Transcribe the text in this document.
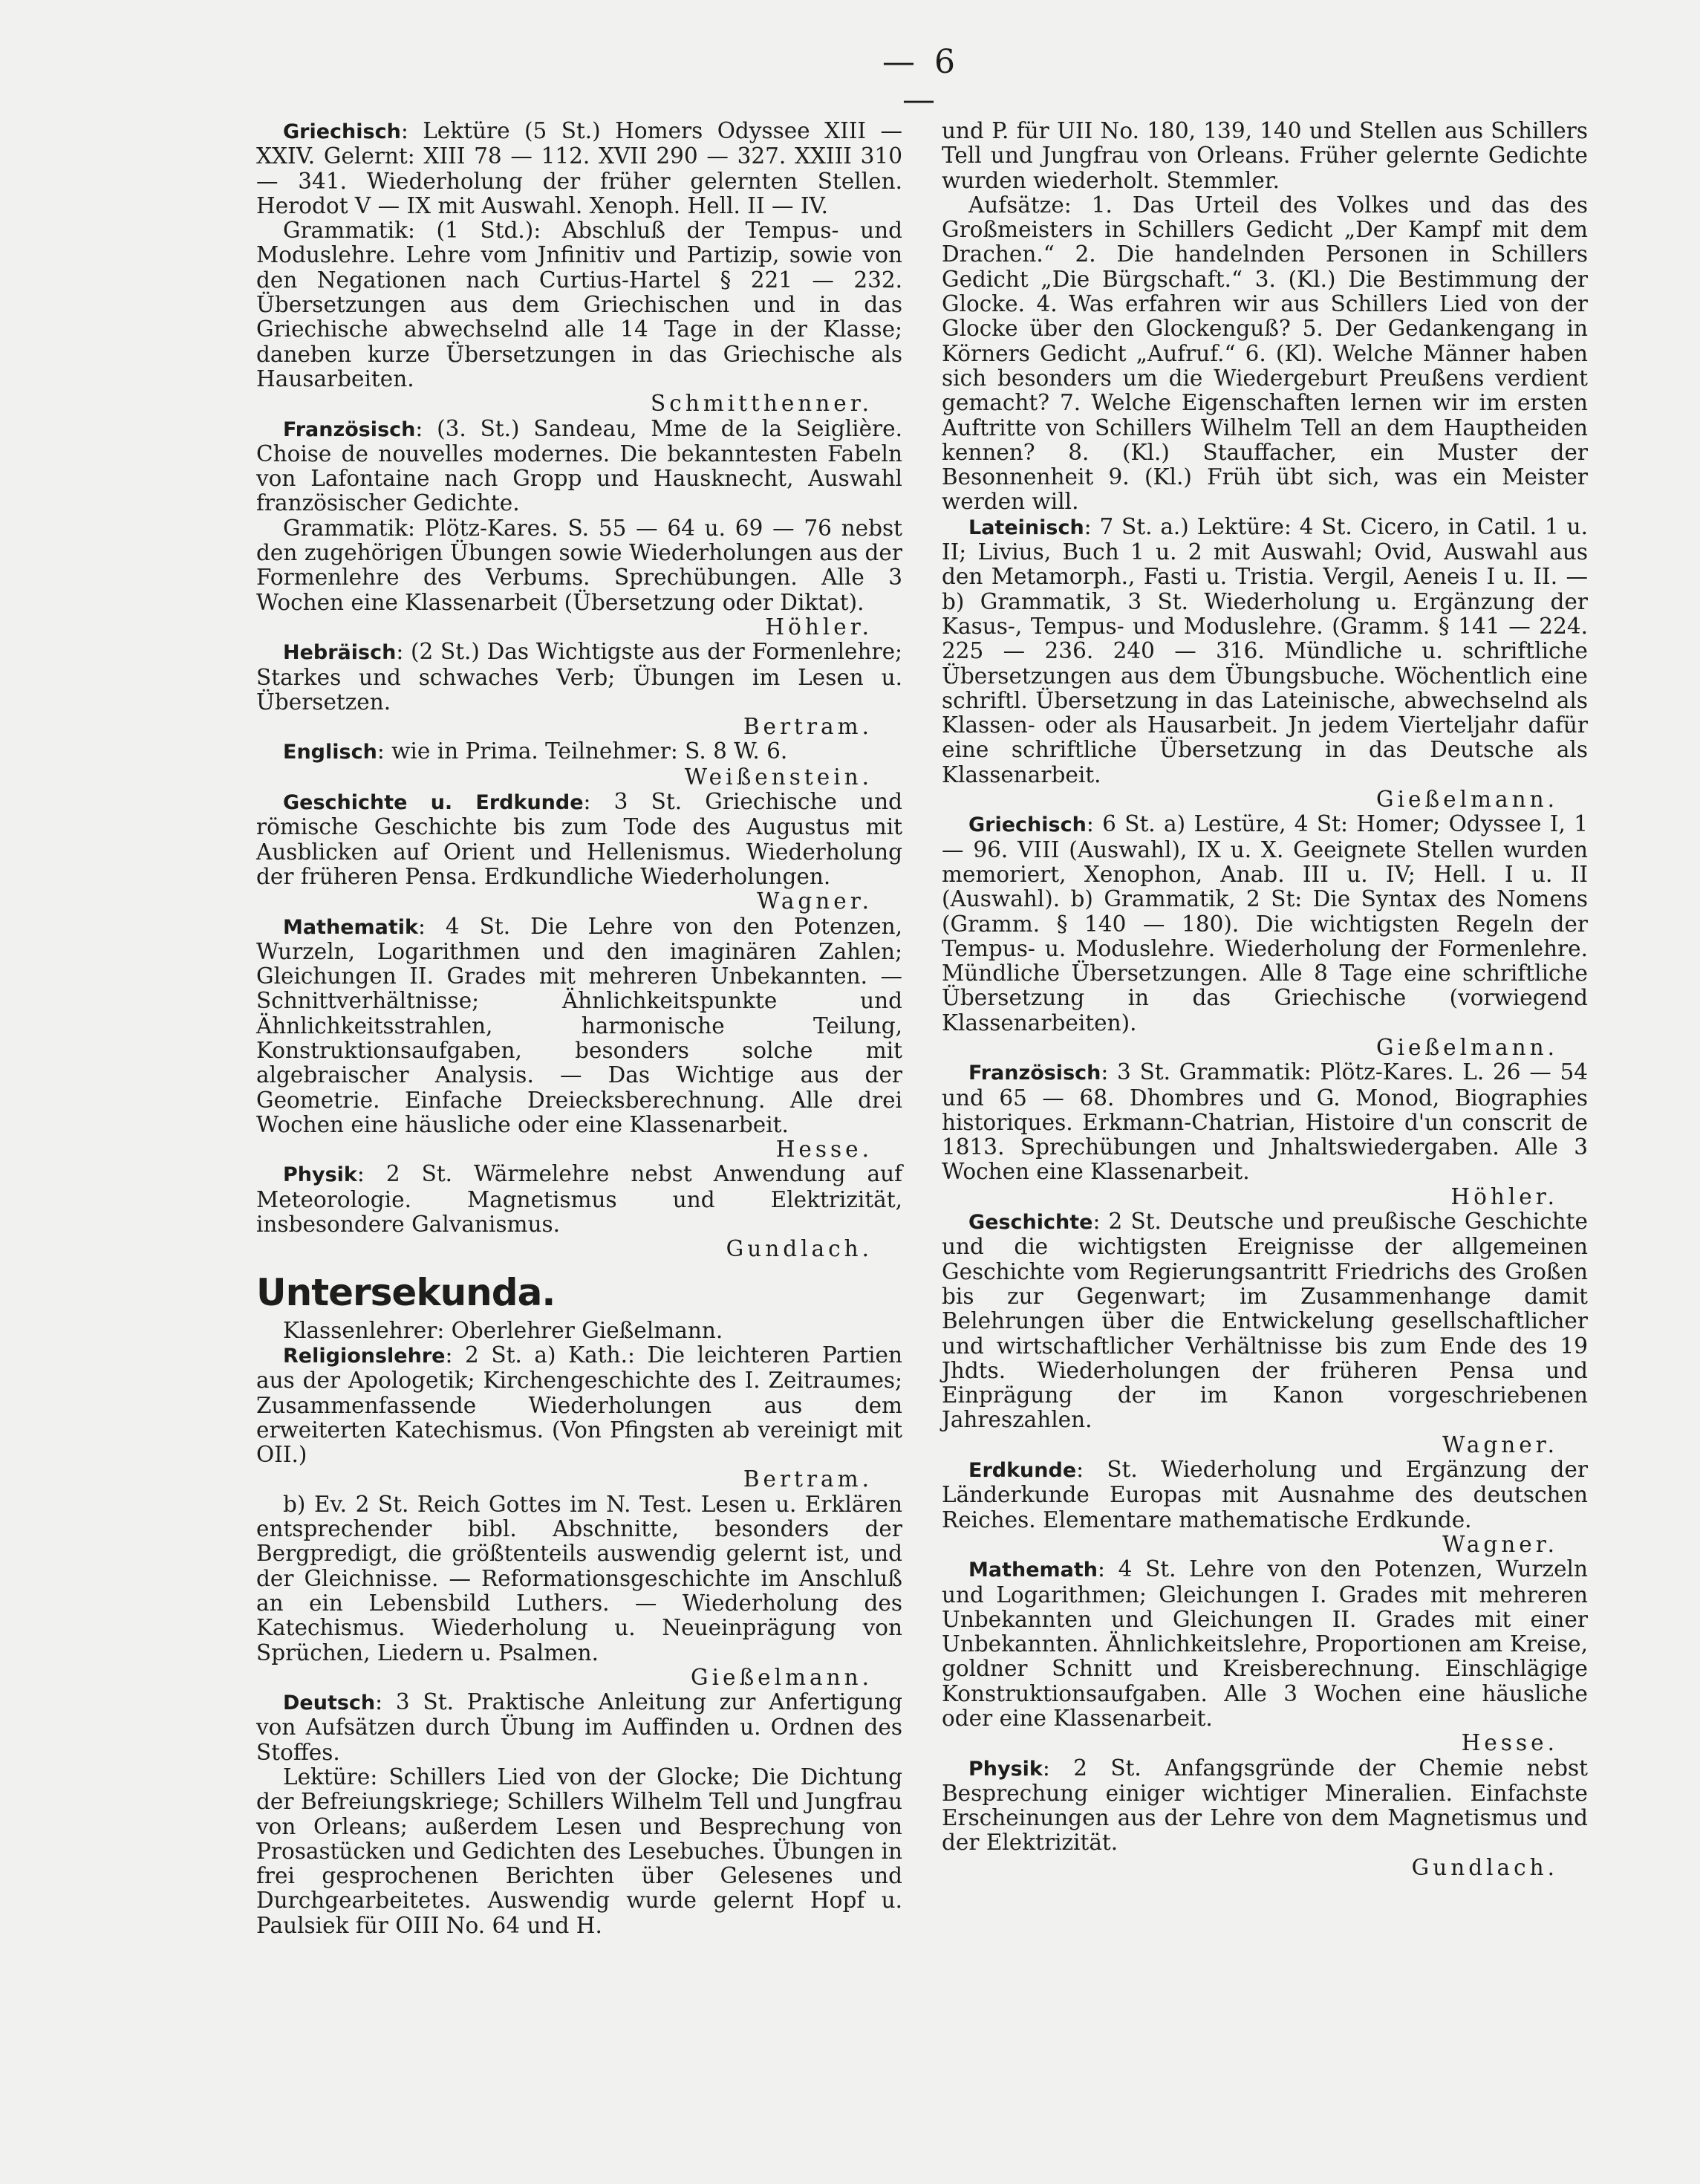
— 6 —

Griechisch: Lektüre (5 St.) Homers Odyssee XIII — XXIV. Gelernt: XIII 78 — 112. XVII 290 — 327. XXIII 310 — 341. Wiederholung der früher gelernten Stellen. Herodot V — IX mit Auswahl. Xenoph. Hell. II — IV.

Grammatik: (1 Std.): Abschluß der Tempus- und Moduslehre. Lehre vom Jnfinitiv und Partizip, sowie von den Negationen nach Curtius-Hartel § 221 — 232. Übersetzungen aus dem Griechischen und in das Griechische abwechselnd alle 14 Tage in der Klasse; daneben kurze Übersetzungen in das Griechische als Hausarbeiten.

Schmitthenner.

Französisch: (3. St.) Sandeau, Mme de la Seiglière. Choise de nouvelles modernes. Die bekanntesten Fabeln von Lafontaine nach Gropp und Hausknecht, Auswahl französischer Gedichte.

Grammatik: Plötz-Kares. S. 55 — 64 u. 69 — 76 nebst den zugehörigen Übungen sowie Wiederholungen aus der Formenlehre des Verbums. Sprechübungen. Alle 3 Wochen eine Klassenarbeit (Übersetzung oder Diktat).

Höhler.

Hebräisch: (2 St.) Das Wichtigste aus der Formenlehre; Starkes und schwaches Verb; Übungen im Lesen u. Übersetzen.

Bertram.

Englisch: wie in Prima. Teilnehmer: S. 8 W. 6.

Weißenstein.

Geschichte u. Erdkunde: 3 St. Griechische und römische Geschichte bis zum Tode des Augustus mit Ausblicken auf Orient und Hellenismus. Wiederholung der früheren Pensa. Erdkundliche Wiederholungen.

Wagner.

Mathematik: 4 St. Die Lehre von den Potenzen, Wurzeln, Logarithmen und den imaginären Zahlen; Gleichungen II. Grades mit mehreren Unbekannten. — Schnittverhältnisse; Ähnlichkeitspunkte und Ähnlichkeitsstrahlen, harmonische Teilung, Konstruktionsaufgaben, besonders solche mit algebraischer Analysis. — Das Wichtige aus der Geometrie. Einfache Dreiecksberechnung. Alle drei Wochen eine häusliche oder eine Klassenarbeit.

Hesse.

Physik: 2 St. Wärmelehre nebst Anwendung auf Meteorologie. Magnetismus und Elektrizität, insbesondere Galvanismus.

Gundlach.

Untersekunda.

Klassenlehrer: Oberlehrer Gießelmann.

Religionslehre: 2 St. a) Kath.: Die leichteren Partien aus der Apologetik; Kirchengeschichte des I. Zeitraumes; Zusammenfassende Wiederholungen aus dem erweiterten Katechismus. (Von Pfingsten ab vereinigt mit OII.)

Bertram.

b) Ev. 2 St. Reich Gottes im N. Test. Lesen u. Erklären entsprechender bibl. Abschnitte, besonders der Bergpredigt, die größtenteils auswendig gelernt ist, und der Gleichnisse. — Reformationsgeschichte im Anschluß an ein Lebensbild Luthers. — Wiederholung des Katechismus. Wiederholung u. Neueinprägung von Sprüchen, Liedern u. Psalmen.

Gießelmann.

Deutsch: 3 St. Praktische Anleitung zur Anfertigung von Aufsätzen durch Übung im Auffinden u. Ordnen des Stoffes.

Lektüre: Schillers Lied von der Glocke; Die Dichtung der Befreiungskriege; Schillers Wilhelm Tell und Jungfrau von Orleans; außerdem Lesen und Besprechung von Prosastücken und Gedichten des Lesebuches. Übungen in frei gesprochenen Berichten über Gelesenes und Durchgearbeitetes. Auswendig wurde gelernt Hopf u. Paulsiek für OIII No. 64 und H.

und P. für UII No. 180, 139, 140 und Stellen aus Schillers Tell und Jungfrau von Orleans. Früher gelernte Gedichte wurden wiederholt. Stemmler.

Aufsätze: 1. Das Urteil des Volkes und das des Großmeisters in Schillers Gedicht „Der Kampf mit dem Drachen.“ 2. Die handelnden Personen in Schillers Gedicht „Die Bürgschaft.“ 3. (Kl.) Die Bestimmung der Glocke. 4. Was erfahren wir aus Schillers Lied von der Glocke über den Glockenguß? 5. Der Gedankengang in Körners Gedicht „Aufruf.“ 6. (Kl). Welche Männer haben sich besonders um die Wiedergeburt Preußens verdient gemacht? 7. Welche Eigenschaften lernen wir im ersten Auftritte von Schillers Wilhelm Tell an dem Hauptheiden kennen? 8. (Kl.) Stauffacher, ein Muster der Besonnenheit 9. (Kl.) Früh übt sich, was ein Meister werden will.

Lateinisch: 7 St. a.) Lektüre: 4 St. Cicero, in Catil. 1 u. II; Livius, Buch 1 u. 2 mit Auswahl; Ovid, Auswahl aus den Metamorph., Fasti u. Tristia. Vergil, Aeneis I u. II. — b) Grammatik, 3 St. Wiederholung u. Ergänzung der Kasus-, Tempus- und Moduslehre. (Gramm. § 141 — 224. 225 — 236. 240 — 316. Mündliche u. schriftliche Übersetzungen aus dem Übungsbuche. Wöchentlich eine schriftl. Übersetzung in das Lateinische, abwechselnd als Klassen- oder als Hausarbeit. Jn jedem Vierteljahr dafür eine schriftliche Übersetzung in das Deutsche als Klassenarbeit.

Gießelmann.

Griechisch: 6 St. a) Lestüre, 4 St: Homer; Odyssee I, 1 — 96. VIII (Auswahl), IX u. X. Geeignete Stellen wurden memoriert, Xenophon, Anab. III u. IV; Hell. I u. II (Auswahl). b) Grammatik, 2 St: Die Syntax des Nomens (Gramm. § 140 — 180). Die wichtigsten Regeln der Tempus- u. Moduslehre. Wiederholung der Formenlehre. Mündliche Übersetzungen. Alle 8 Tage eine schriftliche Übersetzung in das Griechische (vorwiegend Klassenarbeiten).

Gießelmann.

Französisch: 3 St. Grammatik: Plötz-Kares. L. 26 — 54 und 65 — 68. Dhombres und G. Monod, Biographies historiques. Erkmann-Chatrian, Histoire d'un conscrit de 1813. Sprechübungen und Jnhaltswiedergaben. Alle 3 Wochen eine Klassenarbeit.

Höhler.

Geschichte: 2 St. Deutsche und preußische Geschichte und die wichtigsten Ereignisse der allgemeinen Geschichte vom Regierungsantritt Friedrichs des Großen bis zur Gegenwart; im Zusammenhange damit Belehrungen über die Entwickelung gesellschaftlicher und wirtschaftlicher Verhältnisse bis zum Ende des 19 Jhdts. Wiederholungen der früheren Pensa und Einprägung der im Kanon vorgeschriebenen Jahreszahlen.

Wagner.

Erdkunde: St. Wiederholung und Ergänzung der Länderkunde Europas mit Ausnahme des deutschen Reiches. Elementare mathematische Erdkunde.

Wagner.

Mathemath: 4 St. Lehre von den Potenzen, Wurzeln und Logarithmen; Gleichungen I. Grades mit mehreren Unbekannten und Gleichungen II. Grades mit einer Unbekannten. Ähnlichkeitslehre, Proportionen am Kreise, goldner Schnitt und Kreisberechnung. Einschlägige Konstruktionsaufgaben. Alle 3 Wochen eine häusliche oder eine Klassenarbeit.

Hesse.

Physik: 2 St. Anfangsgründe der Chemie nebst Besprechung einiger wichtiger Mineralien. Einfachste Erscheinungen aus der Lehre von dem Magnetismus und der Elektrizität.

Gundlach.
